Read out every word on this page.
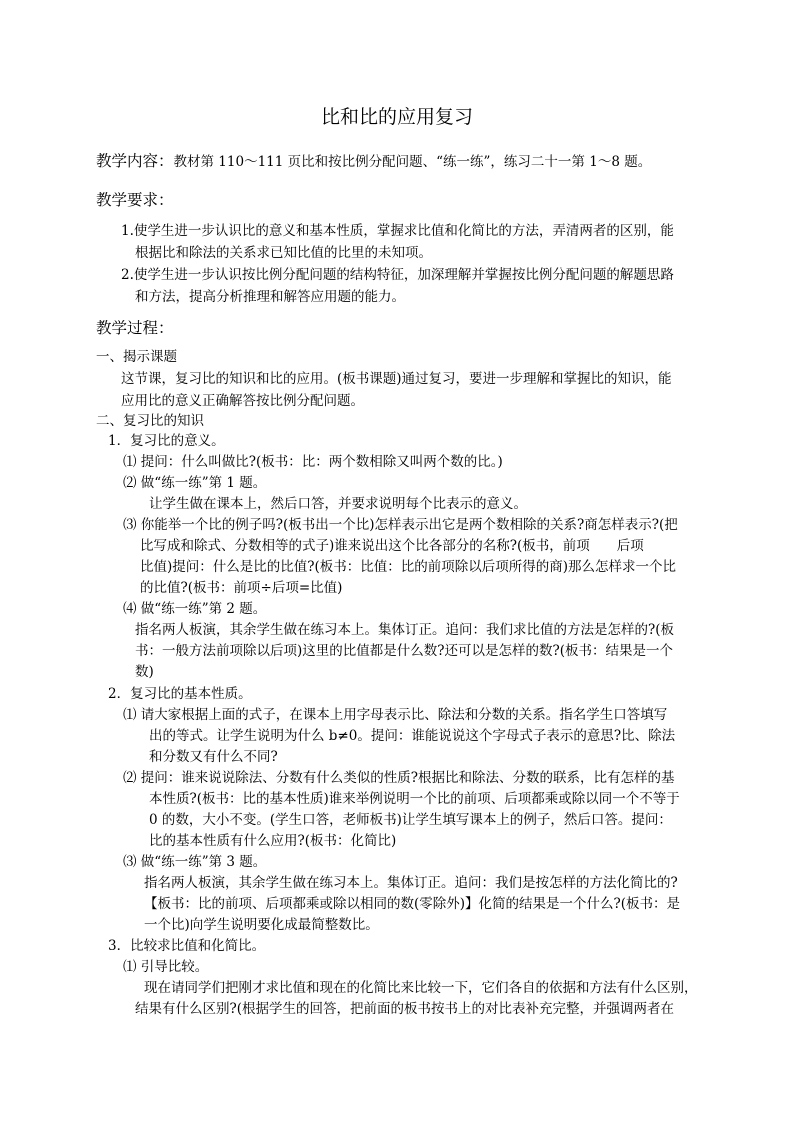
比和比的应用复习
教学内容：教材第 110～111 页比和按比例分配问题、“练一练”，练习二十一第 1～8 题。
教学要求：
1.使学生进一步认识比的意义和基本性质，掌握求比值和化简比的方法，弄清两者的区别，能
根据比和除法的关系求已知比值的比里的未知项。
2.使学生进一步认识按比例分配问题的结构特征，加深理解并掌握按比例分配问题的解题思路
和方法，提高分析推理和解答应用题的能力。
教学过程：
一、揭示课题
这节课，复习比的知识和比的应用。(板书课题)通过复习，要进一步理解和掌握比的知识，能
应用比的意义正确解答按比例分配问题。
二、复习比的知识
1．复习比的意义。
⑴ 提问：什么叫做比?(板书：比：两个数相除又叫两个数的比。)
⑵ 做“练一练”第 1 题。
让学生做在课本上，然后口答，并要求说明每个比表示的意义。
⑶ 你能举一个比的例子吗?(板书出一个比)怎样表示出它是两个数相除的关系?商怎样表示?(把
比写成和除式、分数相等的式子)谁来说出这个比各部分的名称?(板书，前项　　后项
比值)提问：什么是比的比值?(板书：比值：比的前项除以后项所得的商)那么怎样求一个比
的比值?(板书：前项÷后项=比值)
⑷ 做“练一练”第 2 题。
指名两人板演，其余学生做在练习本上。集体订正。追问：我们求比值的方法是怎样的?(板
书：一般方法前项除以后项)这里的比值都是什么数?还可以是怎样的数?(板书：结果是一个
数)
2．复习比的基本性质。
⑴ 请大家根据上面的式子，在课本上用字母表示比、除法和分数的关系。指名学生口答填写
出的等式。让学生说明为什么 b≠0。提问：谁能说说这个字母式子表示的意思?比、除法
和分数又有什么不同?
⑵ 提问：谁来说说除法、分数有什么类似的性质?根据比和除法、分数的联系，比有怎样的基
本性质?(板书：比的基本性质)谁来举例说明一个比的前项、后项都乘或除以同一个不等于
0 的数，大小不变。(学生口答，老师板书)让学生填写课本上的例子，然后口答。提问：
比的基本性质有什么应用?(板书：化简比)
⑶ 做“练一练”第 3 题。
指名两人板演，其余学生做在练习本上。集体订正。追问：我们是按怎样的方法化简比的?
【板书：比的前项、后项都乘或除以相同的数(零除外)】化简的结果是一个什么?(板书：是
一个比)向学生说明要化成最简整数比。
3．比较求比值和化简比。
⑴ 引导比较。
现在请同学们把刚才求比值和现在的化简比来比较一下，它们各自的依据和方法有什么区别，
结果有什么区别?(根据学生的回答，把前面的板书按书上的对比表补充完整，并强调两者在
